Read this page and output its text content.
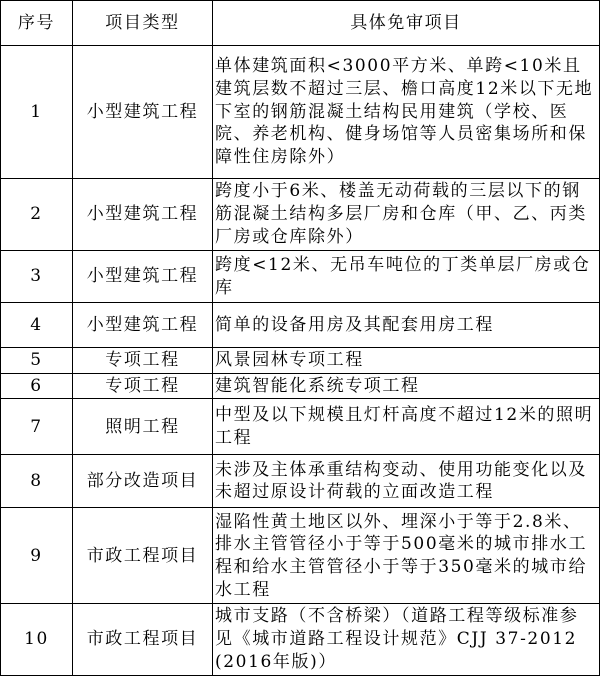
序号	项目类型	具体免审项目
1	小型建筑工程	单体建筑面积<3000平方米、单跨<10米且建筑层数不超过三层、檐口高度12米以下无地下室的钢筋混凝土结构民用建筑（学校、医院、养老机构、健身场馆等人员密集场所和保障性住房除外）
2	小型建筑工程	跨度小于6米、楼盖无动荷载的三层以下的钢筋混凝土结构多层厂房和仓库（甲、乙、丙类厂房或仓库除外）
3	小型建筑工程	跨度<12米、无吊车吨位的丁类单层厂房或仓库
4	小型建筑工程	简单的设备用房及其配套用房工程
5	专项工程	风景园林专项工程
6	专项工程	建筑智能化系统专项工程
7	照明工程	中型及以下规模且灯杆高度不超过12米的照明工程
8	部分改造项目	未涉及主体承重结构变动、使用功能变化以及未超过原设计荷载的立面改造工程
9	市政工程项目	湿陷性黄土地区以外、埋深小于等于2.8米、排水主管管径小于等于500毫米的城市排水工程和给水主管管径小于等于350毫米的城市给水工程
10	市政工程项目	城市支路（不含桥梁）（道路工程等级标准参见《城市道路工程设计规范》CJJ 37-2012(2016年版)）
